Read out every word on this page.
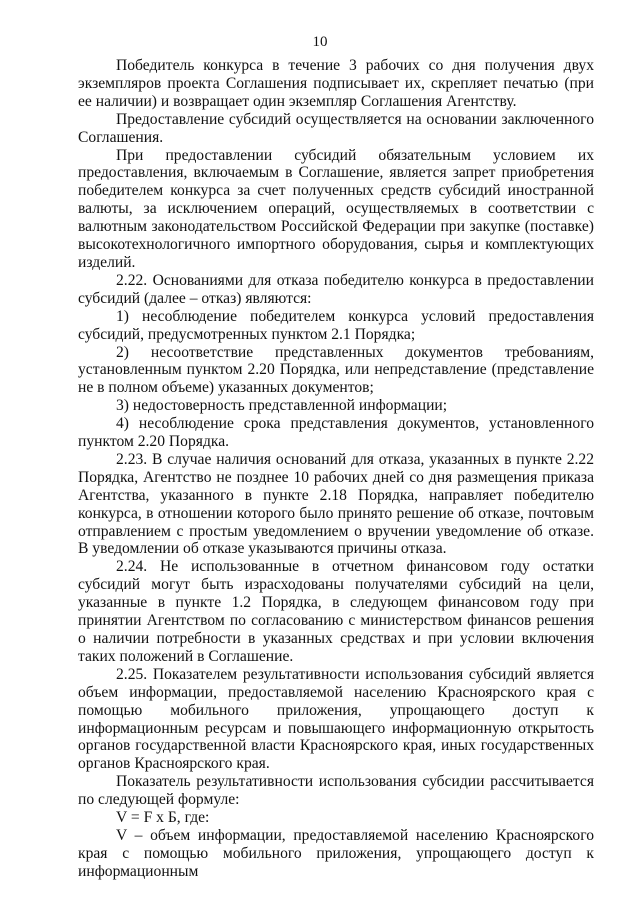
10

Победитель конкурса в течение 3 рабочих со дня получения двух экземпляров проекта Соглашения подписывает их, скрепляет печатью (при ее наличии) и возвращает один экземпляр Соглашения Агентству.

Предоставление субсидий осуществляется на основании заключенного Соглашения.

При предоставлении субсидий обязательным условием их предоставления, включаемым в Соглашение, является запрет приобретения победителем конкурса за счет полученных средств субсидий иностранной валюты, за исключением операций, осуществляемых в соответствии с валютным законодательством Российской Федерации при закупке (поставке) высокотехнологичного импортного оборудования, сырья и комплектующих изделий.

2.22. Основаниями для отказа победителю конкурса в предоставлении субсидий (далее – отказ) являются:

1) несоблюдение победителем конкурса условий предоставления субсидий, предусмотренных пунктом 2.1 Порядка;

2) несоответствие представленных документов требованиям, установленным пунктом 2.20 Порядка, или непредставление (представление не в полном объеме) указанных документов;

3) недостоверность представленной информации;

4) несоблюдение срока представления документов, установленного пунктом 2.20 Порядка.

2.23. В случае наличия оснований для отказа, указанных в пункте 2.22 Порядка, Агентство не позднее 10 рабочих дней со дня размещения приказа Агентства, указанного в пункте 2.18 Порядка, направляет победителю конкурса, в отношении которого было принято решение об отказе, почтовым отправлением с простым уведомлением о вручении уведомление об отказе. В уведомлении об отказе указываются причины отказа.

2.24. Не использованные в отчетном финансовом году остатки субсидий могут быть израсходованы получателями субсидий на цели, указанные в пункте 1.2 Порядка, в следующем финансовом году при принятии Агентством по согласованию с министерством финансов решения о наличии потребности в указанных средствах и при условии включения таких положений в Соглашение.

2.25. Показателем результативности использования субсидий является объем информации, предоставляемой населению Красноярского края с помощью мобильного приложения, упрощающего доступ к информационным ресурсам и повышающего информационную открытость органов государственной власти Красноярского края, иных государственных органов Красноярского края.

Показатель результативности использования субсидии рассчитывается по следующей формуле:

V = F х Б, где:

V – объем информации, предоставляемой населению Красноярского края с помощью мобильного приложения, упрощающего доступ к информационным
